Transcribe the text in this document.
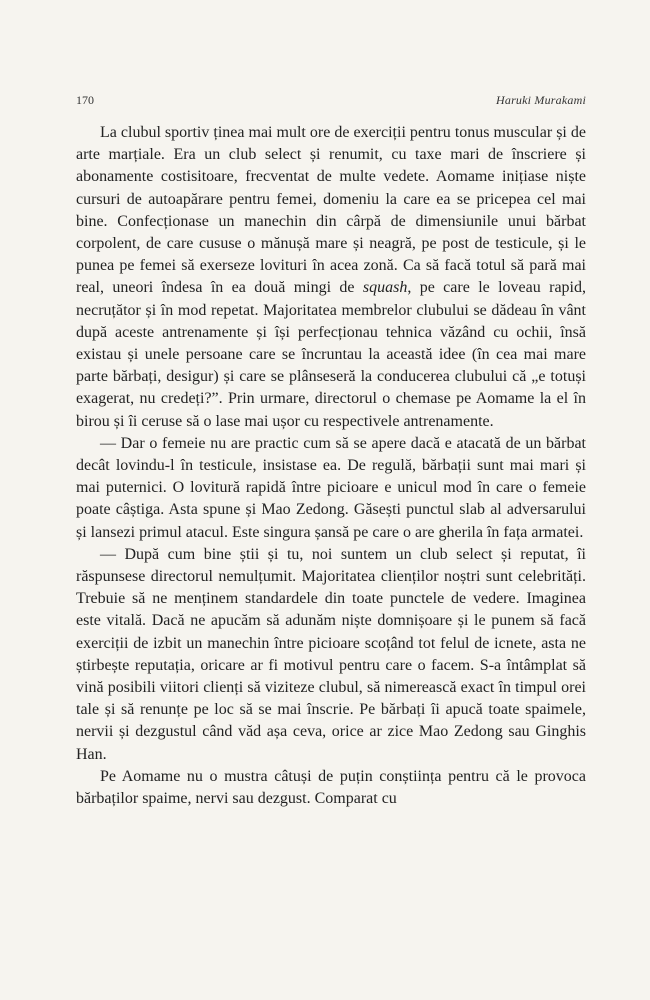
170	Haruki Murakami

La clubul sportiv ținea mai mult ore de exerciții pentru tonus muscular și de arte marțiale. Era un club select și renumit, cu taxe mari de înscriere și abonamente costisitoare, frecventat de multe vedete. Aomame inițiase niște cursuri de autoapărare pentru femei, domeniu la care ea se pricepea cel mai bine. Confecționase un manechin din cârpă de dimensiunile unui bărbat corpolent, de care cususe o mănușă mare și neagră, pe post de testicule, și le punea pe femei să exerseze lovituri în acea zonă. Ca să facă totul să pară mai real, uneori îndesa în ea două mingi de squash, pe care le loveau rapid, necruțător și în mod repetat. Majoritatea membrelor clubului se dădeau în vânt după aceste antrenamente și își perfecționau tehnica văzând cu ochii, însă existau și unele persoane care se încruntau la această idee (în cea mai mare parte bărbați, desigur) și care se plânseseră la conducerea clubului că „e totuși exagerat, nu credeți?”. Prin urmare, directorul o chemase pe Aomame la el în birou și îi ceruse să o lase mai ușor cu respectivele antrenamente.

— Dar o femeie nu are practic cum să se apere dacă e atacată de un bărbat decât lovindu-l în testicule, insistase ea. De regulă, bărbații sunt mai mari și mai puternici. O lovitură rapidă între picioare e unicul mod în care o femeie poate câștiga. Asta spune și Mao Zedong. Găsești punctul slab al adversarului și lansezi primul atacul. Este singura șansă pe care o are gherila în fața armatei.

— După cum bine știi și tu, noi suntem un club select și reputat, îi răspunsese directorul nemulțumit. Majoritatea clienților noștri sunt celebrități. Trebuie să ne menținem standardele din toate punctele de vedere. Imaginea este vitală. Dacă ne apucăm să adunăm niște domnișoare și le punem să facă exerciții de izbit un manechin între picioare scoțând tot felul de icnete, asta ne știrbește reputația, oricare ar fi motivul pentru care o facem. S-a întâmplat să vină posibili viitori clienți să viziteze clubul, să nimerească exact în timpul orei tale și să renunțe pe loc să se mai înscrie. Pe bărbați îi apucă toate spaimele, nervii și dezgustul când văd așa ceva, orice ar zice Mao Zedong sau Ginghis Han.

Pe Aomame nu o mustra câtuși de puțin conștiința pentru că le provoca bărbaților spaime, nervi sau dezgust. Comparat cu
